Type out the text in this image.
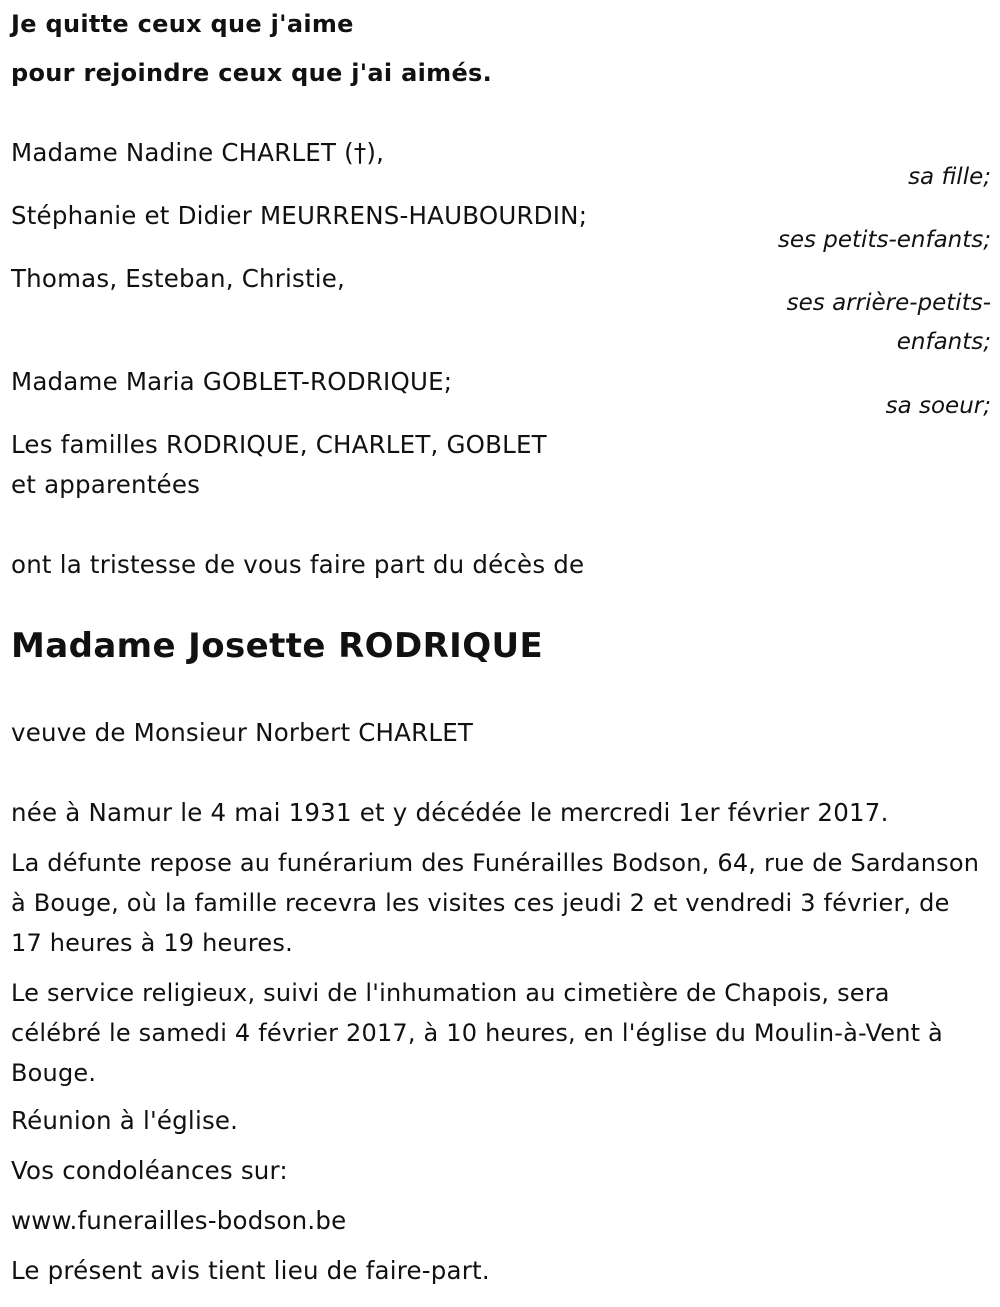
Je quitte ceux que j'aime
pour rejoindre ceux que j'ai aimés.
Madame Nadine CHARLET (†),
sa fille;
Stéphanie et Didier MEURRENS-HAUBOURDIN;
ses petits-enfants;
Thomas, Esteban, Christie,
ses arrière-petits-
enfants;
Madame Maria GOBLET-RODRIQUE;
sa soeur;
Les familles RODRIQUE, CHARLET, GOBLET
et apparentées
ont la tristesse de vous faire part du décès de
Madame Josette RODRIQUE
veuve de Monsieur Norbert CHARLET
née à Namur le 4 mai 1931 et y décédée le mercredi 1er février 2017.
La défunte repose au funérarium des Funérailles Bodson, 64, rue de Sardanson à Bouge, où la famille recevra les visites ces jeudi 2 et vendredi 3 février, de 17 heures à 19 heures.
Le service religieux, suivi de l'inhumation au cimetière de Chapois, sera célébré le samedi 4 février 2017, à 10 heures, en l'église du Moulin-à-Vent à Bouge.
Réunion à l'église.
Vos condoléances sur:
www.funerailles-bodson.be
Le présent avis tient lieu de faire-part.
